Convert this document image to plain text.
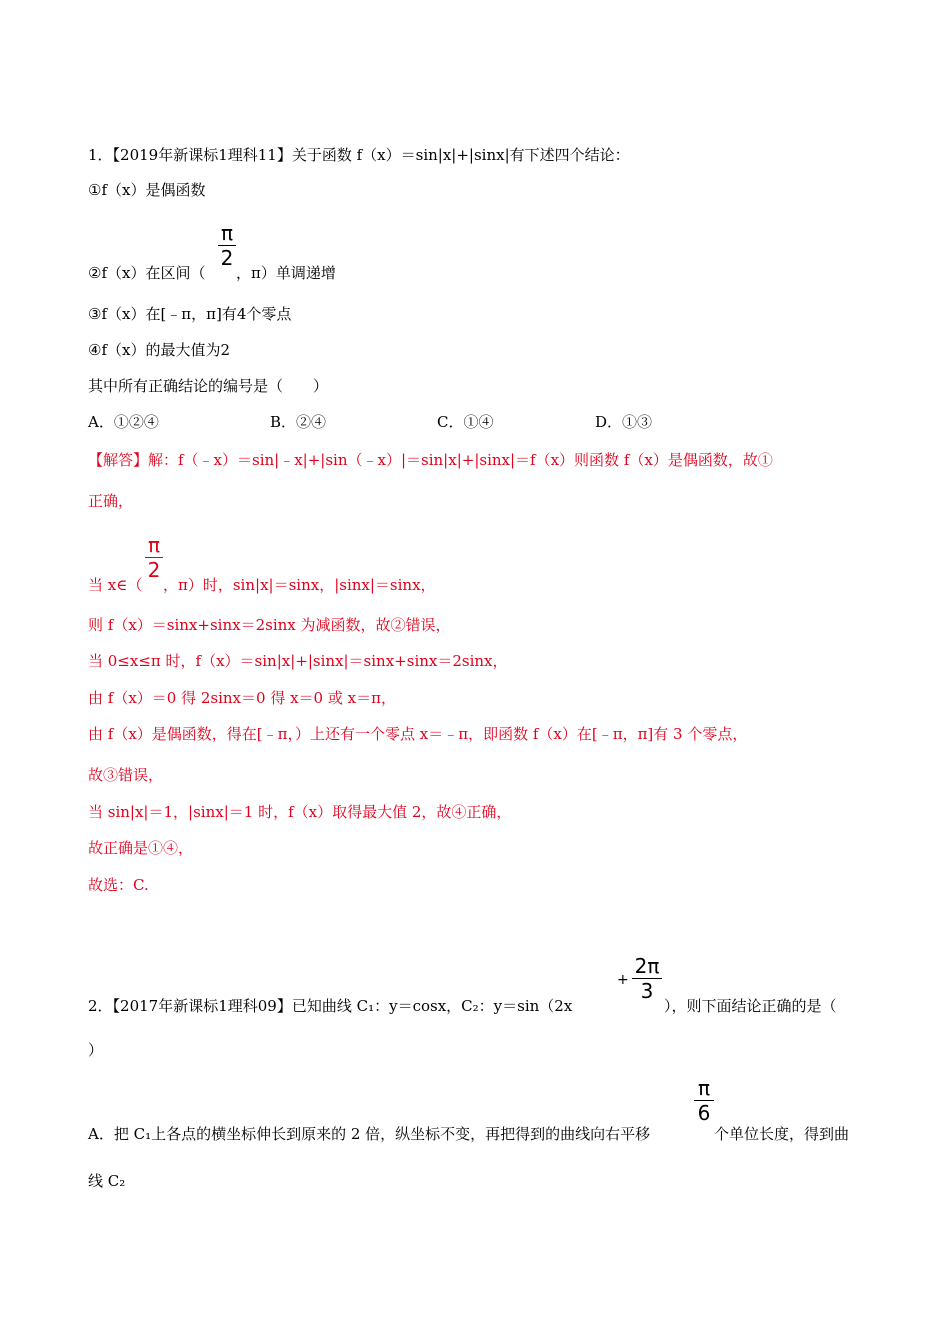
1．【2019年新课标1理科11】关于函数 f（x）＝sin|x|+|sinx|有下述四个结论：
①f（x）是偶函数
π
2
②f（x）在区间（ ，π）单调递增
③f（x）在[﹣π，π]有4个零点
④f（x）的最大值为2
其中所有正确结论的编号是（　　）
A．①②④	B．②④	C．①④	D．①③
【解答】解：f（﹣x）＝sin|﹣x|+|sin（﹣x）|＝sin|x|+|sinx|＝f（x）则函数 f（x）是偶函数，故①
正确，
π
2
当 x∈（ ，π）时，sin|x|＝sinx，|sinx|＝sinx，
则 f（x）＝sinx+sinx＝2sinx 为减函数，故②错误，
当 0≤x≤π 时，f（x）＝sin|x|+|sinx|＝sinx+sinx＝2sinx，
由 f（x）＝0 得 2sinx＝0 得 x＝0 或 x＝π，
由 f（x）是偶函数，得在[﹣π，）上还有一个零点 x＝﹣π，即函数 f（x）在[﹣π，π]有 3 个零点，
故③错误，
当 sin|x|＝1，|sinx|＝1 时，f（x）取得最大值 2，故④正确，
故正确是①④，
故选：C.
2．【2017年新课标1理科09】已知曲线 C₁：y＝cosx，C₂：y＝sin（2x
+
2π
3
），则下面结论正确的是（
）
π
6
A．把 C₁上各点的横坐标伸长到原来的 2 倍，纵坐标不变，再把得到的曲线向右平移	个单位长度，得到曲
线 C₂
